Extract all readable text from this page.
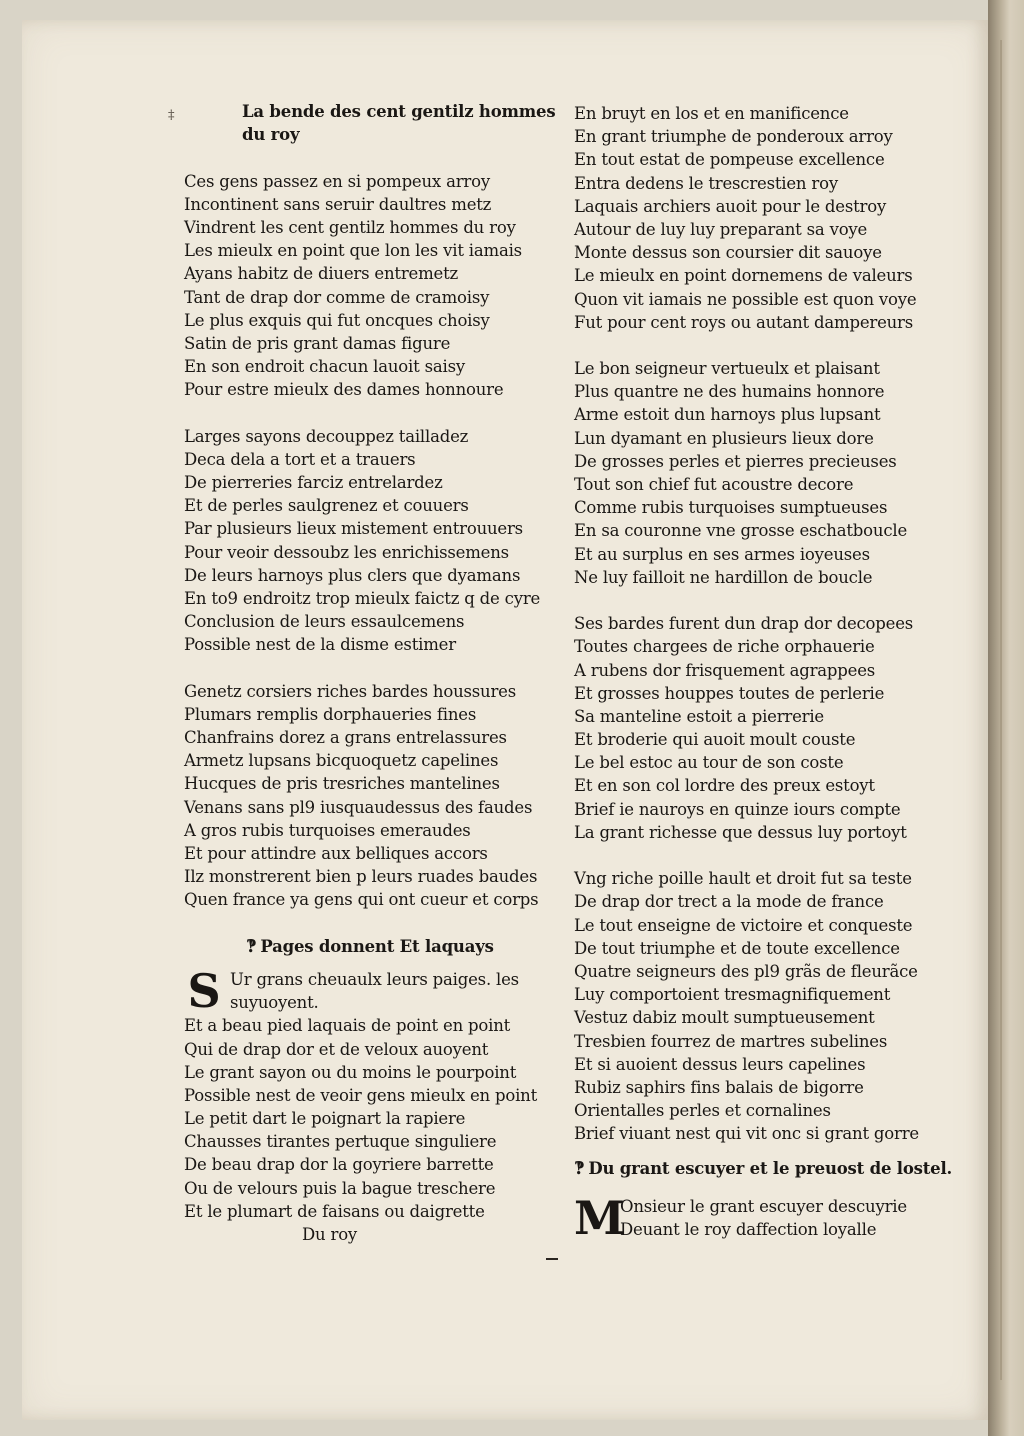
‡	La bende des cent gentilz hommes
du roy
Ces gens passez en si pompeux arroy
Incontinent sans seruir daultres metz
Vindrent les cent gentilz hommes du roy
Les mieulx en point que lon les vit iamais
Ayans habitz de diuers entremetz
Tant de drap dor comme de cramoisy
Le plus exquis qui fut oncques choisy
Satin de pris grant damas figure
En son endroit chacun lauoit saisy
Pour estre mieulx des dames honnoure
Larges sayons decouppez tailladez
Deca dela a tort et a trauers
De pierreries farciz entrelardez
Et de perles saulgrenez et couuers
Par plusieurs lieux mistement entrouuers
Pour veoir dessoubz les enrichissemens
De leurs harnoys plus clers que dyamans
En to9 endroitz trop mieulx faictz q de cyre
Conclusion de leurs essaulcemens
Possible nest de la disme estimer
Genetz corsiers riches bardes houssures
Plumars remplis dorphaueries fines
Chanfrains dorez a grans entrelassures
Armetz lupsans bicquoquetz capelines
Hucques de pris tresriches mantelines
Venans sans pl9 iusquaudessus des faudes
A gros rubis turquoises emeraudes
Et pour attindre aux belliques accors
Ilz monstrerent bien p leurs ruades baudes
Quen france ya gens qui ont cueur et corps
‽ Pages donnent Et laquays
S Ur grans cheuaulx leurs paiges. les
suyuoyent.
Et a beau pied laquais de point en point
Qui de drap dor et de veloux auoyent
Le grant sayon ou du moins le pourpoint
Possible nest de veoir gens mieulx en point
Le petit dart le poignart la rapiere
Chausses tirantes pertuque singuliere
De beau drap dor la goyriere barrette
Ou de velours puis la bague treschere
Et le plumart de faisans ou daigrette
Du roy
En bruyt en los et en manificence
En grant triumphe de ponderoux arroy
En tout estat de pompeuse excellence
Entra dedens le trescrestien roy
Laquais archiers auoit pour le destroy
Autour de luy luy preparant sa voye
Monte dessus son coursier dit sauoye
Le mieulx en point dornemens de valeurs
Quon vit iamais ne possible est quon voye
Fut pour cent roys ou autant dampereurs
Le bon seigneur vertueulx et plaisant
Plus quantre ne des humains honnore
Arme estoit dun harnoys plus lupsant
Lun dyamant en plusieurs lieux dore
De grosses perles et pierres precieuses
Tout son chief fut acoustre decore
Comme rubis turquoises sumptueuses
En sa couronne vne grosse eschatboucle
Et au surplus en ses armes ioyeuses
Ne luy failloit ne hardillon de boucle
Ses bardes furent dun drap dor decopees
Toutes chargees de riche orphauerie
A rubens dor frisquement agrappees
Et grosses houppes toutes de perlerie
Sa manteline estoit a pierrerie
Et broderie qui auoit moult couste
Le bel estoc au tour de son coste
Et en son col lordre des preux estoyt
Brief ie nauroys en quinze iours compte
La grant richesse que dessus luy portoyt
Vng riche poille hault et droit fut sa teste
De drap dor trect a la mode de france
Le tout enseigne de victoire et conqueste
De tout triumphe et de toute excellence
Quatre seigneurs des pl9 grãs de fleurãce
Luy comportoient tresmagnifiquement
Vestuz dabiz moult sumptueusement
Tresbien fourrez de martres subelines
Et si auoient dessus leurs capelines
Rubiz saphirs fins balais de bigorre
Orientalles perles et cornalines
Brief viuant nest qui vit onc si grant gorre
‽ Du grant escuyer et le preuost de lostel.
M
Onsieur le grant escuyer descuyrie
Deuant le roy daffection loyalle
